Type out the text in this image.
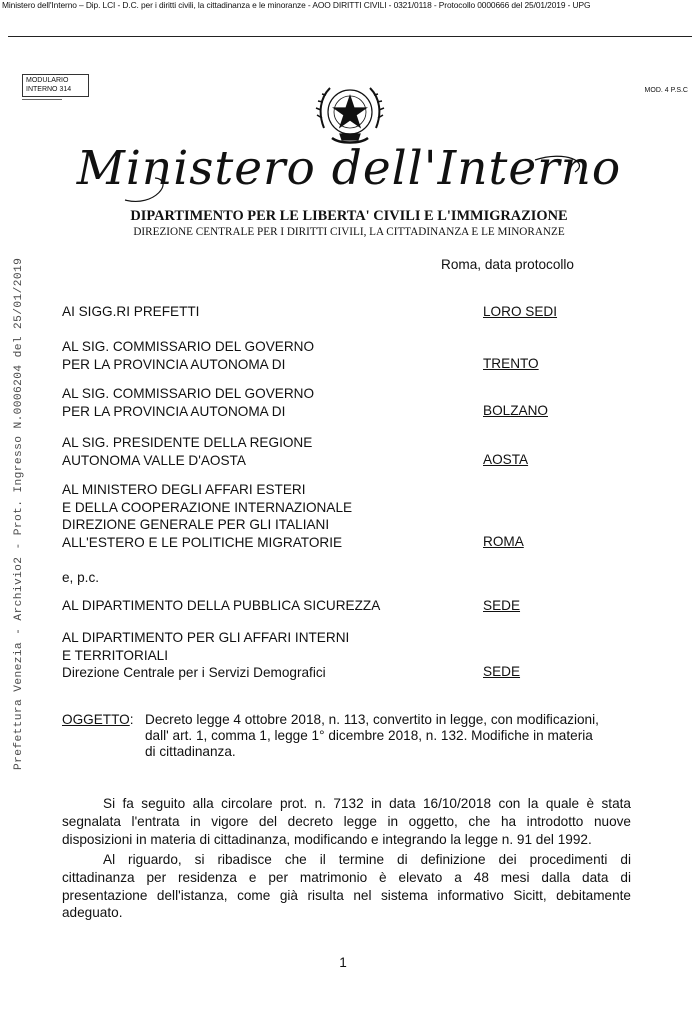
Ministero dell'Interno – Dip. LCI - D.C. per i diritti civili, la cittadinanza e le minoranze - AOO DIRITTI CIVILI - 0321/0118 - Protocollo 0000666 del 25/01/2019 - UPG
MODULARIO
INTERNO 314	MOD. 4 P.S.C
Ministero dell'Interno
DIPARTIMENTO PER LE LIBERTA' CIVILI E L'IMMIGRAZIONE
DIREZIONE CENTRALE PER I DIRITTI CIVILI, LA CITTADINANZA E LE MINORANZE
Roma, data protocollo
Prefettura Venezia - Archivio2 - Prot. Ingresso N.0006204 del 25/01/2019	AI SIGG.RI PREFETTI	LORO SEDI
AL SIG. COMMISSARIO DEL GOVERNO
PER LA PROVINCIA AUTONOMA DI	TRENTO
AL SIG. COMMISSARIO DEL GOVERNO
PER LA PROVINCIA AUTONOMA DI	BOLZANO
AL SIG. PRESIDENTE DELLA REGIONE
AUTONOMA VALLE D'AOSTA	AOSTA
AL MINISTERO DEGLI AFFARI ESTERI
E DELLA COOPERAZIONE INTERNAZIONALE
DIREZIONE GENERALE PER GLI ITALIANI
ALL'ESTERO E LE POLITICHE MIGRATORIE	ROMA
e, p.c.
AL DIPARTIMENTO DELLA PUBBLICA SICUREZZA	SEDE
AL DIPARTIMENTO PER GLI AFFARI INTERNI
E TERRITORIALI
Direzione Centrale per i Servizi Demografici	SEDE
OGGETTO: Decreto legge 4 ottobre 2018, n. 113, convertito in legge, con modificazioni,
dall' art. 1, comma 1, legge 1° dicembre 2018, n. 132. Modifiche in materia
di cittadinanza.
Si fa seguito alla circolare prot. n. 7132 in data 16/10/2018 con la quale è stata
segnalata l'entrata in vigore del decreto legge in oggetto, che ha introdotto nuove
disposizioni in materia di cittadinanza, modificando e integrando la legge n. 91 del 1992.
Al riguardo, si ribadisce che il termine di definizione dei procedimenti di
cittadinanza per residenza e per matrimonio è elevato a 48 mesi dalla data di
presentazione dell'istanza, come già risulta nel sistema informativo Sicitt, debitamente
adeguato.
1
